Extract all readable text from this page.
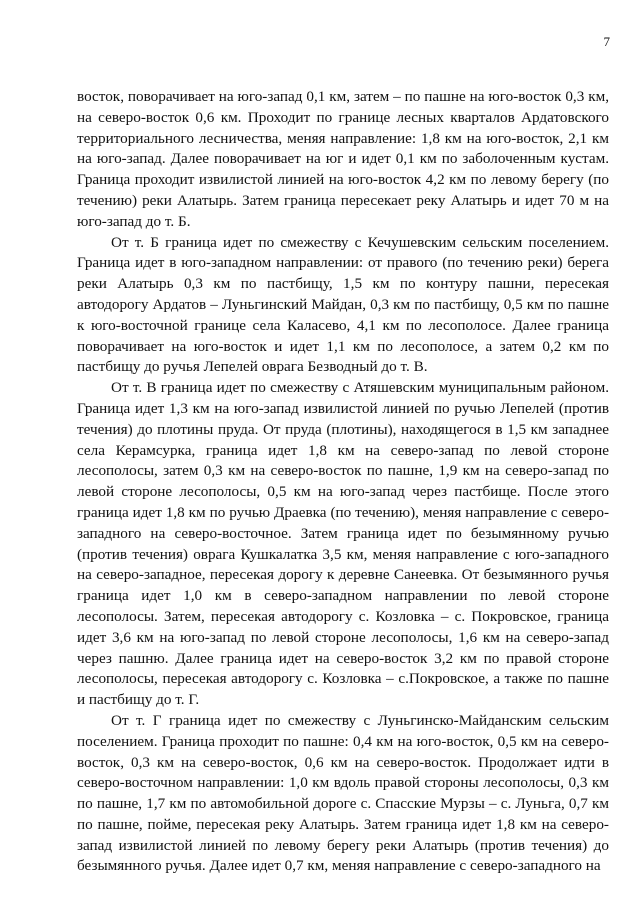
7

восток, поворачивает на юго-запад 0,1 км, затем – по пашне на юго-восток 0,3 км, на северо-восток 0,6 км. Проходит по границе лесных кварталов Ардатовского территориального лесничества, меняя направление: 1,8 км на юго-восток, 2,1 км на юго-запад. Далее поворачивает на юг и идет 0,1 км по заболоченным кустам. Граница проходит извилистой линией на юго-восток 4,2 км по левому берегу (по течению) реки Алатырь. Затем граница пересекает реку Алатырь и идет 70 м на юго-запад до т. Б.

От т. Б граница идет по смежеству с Кечушевским сельским поселением. Граница идет в юго-западном направлении: от правого (по течению реки) берега реки Алатырь 0,3 км по пастбищу, 1,5 км по контуру пашни, пересекая автодорогу Ардатов – Луньгинский Майдан, 0,3 км по пастбищу, 0,5 км по пашне к юго-восточной границе села Каласево, 4,1 км по лесополосе. Далее граница поворачивает на юго-восток и идет 1,1 км по лесополосе, а затем 0,2 км по пастбищу до ручья Лепелей оврага Безводный до т. В.

От т. В граница идет по смежеству с Атяшевским муниципальным районом. Граница идет 1,3 км на юго-запад извилистой линией по ручью Лепелей (против течения) до плотины пруда. От пруда (плотины), находящегося в 1,5 км западнее села Керамсурка, граница идет 1,8 км на северо-запад по левой стороне лесополосы, затем 0,3 км на северо-восток по пашне, 1,9 км на северо-запад по левой стороне лесополосы, 0,5 км на юго-запад через пастбище. После этого граница идет 1,8 км по ручью Драевка (по течению), меняя направление с северо-западного на северо-восточное. Затем граница идет по безымянному ручью (против течения) оврага Кушкалатка 3,5 км, меняя направление с юго-западного на северо-западное, пересекая дорогу к деревне Санеевка. От безымянного ручья граница идет 1,0 км в северо-западном направлении по левой стороне лесополосы. Затем, пересекая автодорогу с. Козловка – с. Покровское, граница идет 3,6 км на юго-запад по левой стороне лесополосы, 1,6 км на северо-запад через пашню. Далее граница идет на северо-восток 3,2 км по правой стороне лесополосы, пересекая автодорогу с. Козловка – с.Покровское, а также по пашне и пастбищу до т. Г.

От т. Г граница идет по смежеству с Луньгинско-Майданским сельским поселением. Граница проходит по пашне: 0,4 км на юго-восток, 0,5 км на северо-восток, 0,3 км на северо-восток, 0,6 км на северо-восток. Продолжает идти в северо-восточном направлении: 1,0 км вдоль правой стороны лесополосы, 0,3 км по пашне, 1,7 км по автомобильной дороге с. Спасские Мурзы – с. Луньга, 0,7 км по пашне, пойме, пересекая реку Алатырь. Затем граница идет 1,8 км на северо-запад извилистой линией по левому берегу реки Алатырь (против течения) до безымянного ручья. Далее идет 0,7 км, меняя направление с северо-западного на
